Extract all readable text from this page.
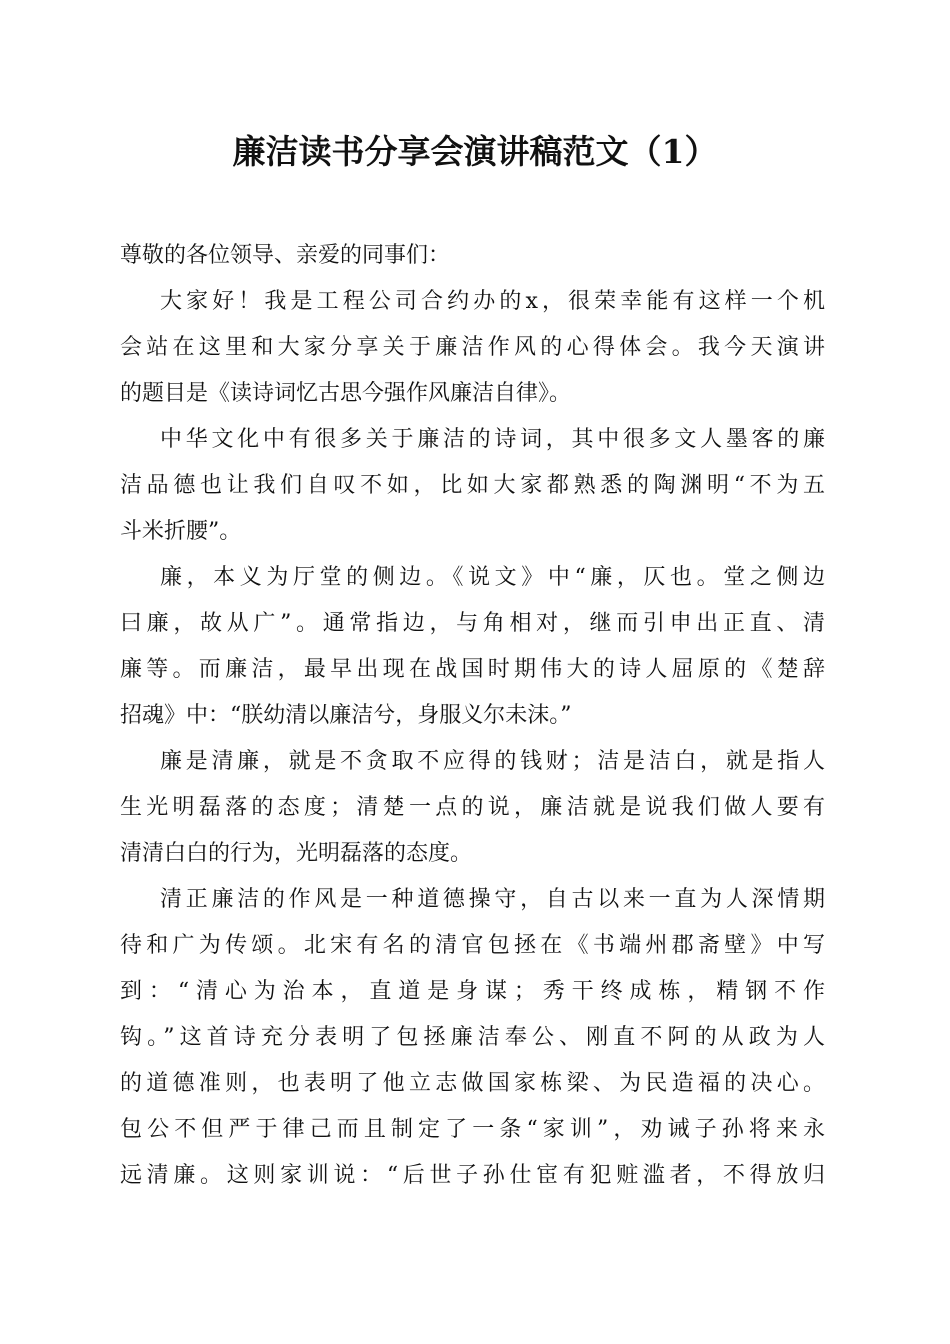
廉洁读书分享会演讲稿范文（1）
尊敬的各位领导、亲爱的同事们：
大家好！我是工程公司合约办的x，很荣幸能有这样一个机
会站在这里和大家分享关于廉洁作风的心得体会。我今天演讲
的题目是《读诗词忆古思今强作风廉洁自律》。
中华文化中有很多关于廉洁的诗词，其中很多文人墨客的廉
洁品德也让我们自叹不如，比如大家都熟悉的陶渊明“不为五
斗米折腰”。
廉，本义为厅堂的侧边。《说文》中“廉，仄也。堂之侧边
曰廉，故从广”。通常指边，与角相对，继而引申出正直、清
廉等。而廉洁，最早出现在战国时期伟大的诗人屈原的《楚辞
招魂》中：“朕幼清以廉洁兮，身服义尔未沫。”
廉是清廉，就是不贪取不应得的钱财；洁是洁白，就是指人
生光明磊落的态度；清楚一点的说，廉洁就是说我们做人要有
清清白白的行为，光明磊落的态度。
清正廉洁的作风是一种道德操守，自古以来一直为人深情期
待和广为传颂。北宋有名的清官包拯在《书端州郡斋壁》中写
到：“清心为治本，直道是身谋；秀干终成栋，精钢不作
钩。”这首诗充分表明了包拯廉洁奉公、刚直不阿的从政为人
的道德准则，也表明了他立志做国家栋梁、为民造福的决心。
包公不但严于律己而且制定了一条“家训”，劝诫子孙将来永
远清廉。这则家训说：“后世子孙仕宦有犯赃滥者，不得放归
